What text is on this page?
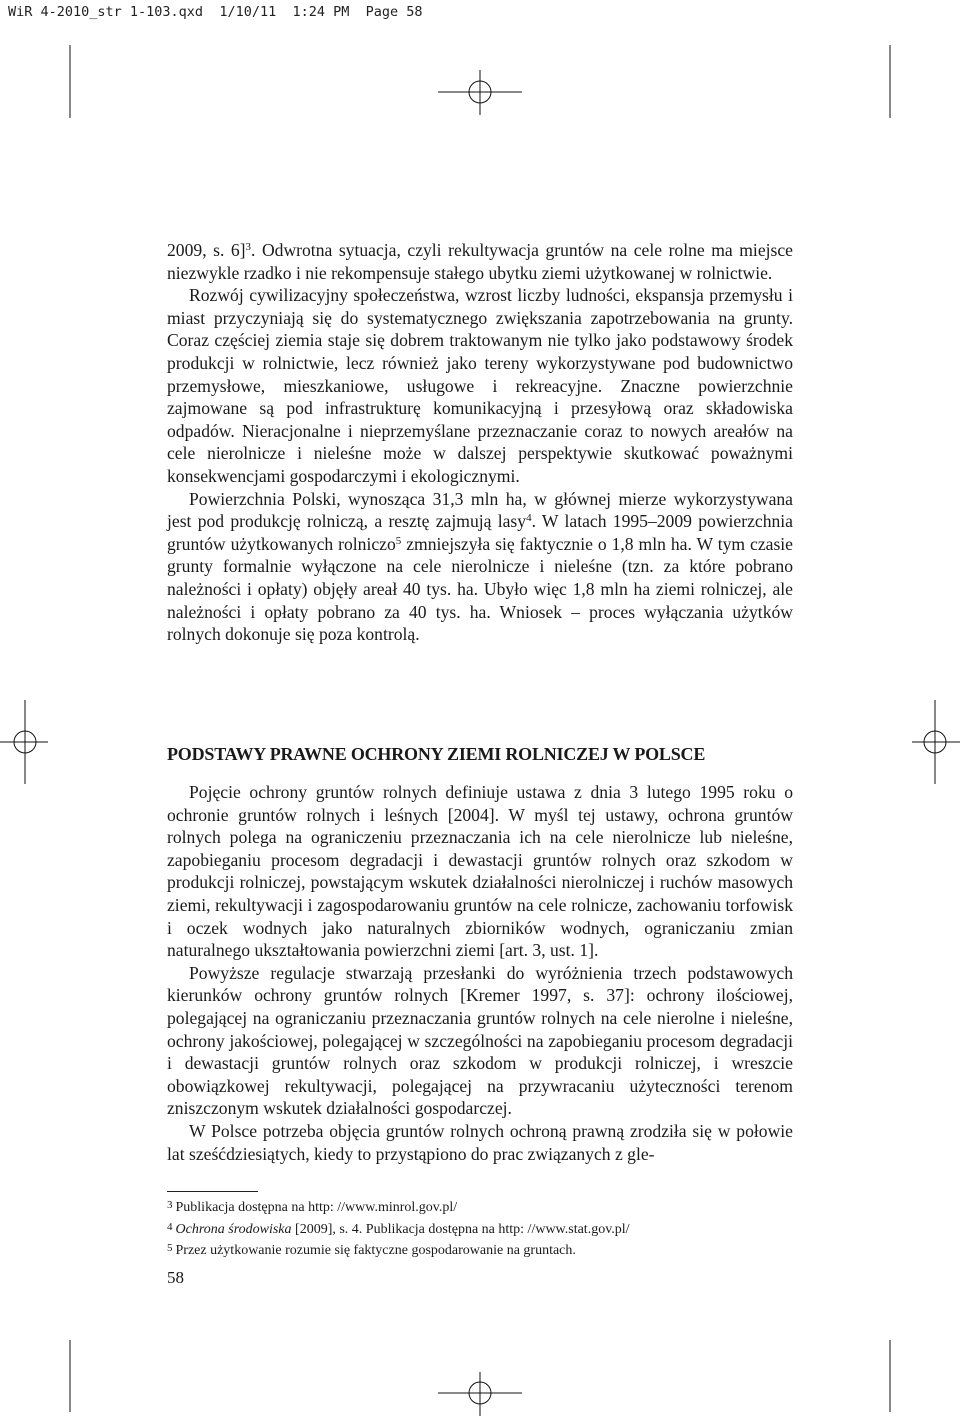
WiR 4-2010_str 1-103.qxd  1/10/11  1:24 PM  Page 58

2009, s. 6]$^3$. Odwrotna sytuacja, czyli rekultywacja gruntów na cele rolne ma miejsce niezwykle rzadko i nie rekompensuje stałego ubytku ziemi użytkowanej w rolnictwie.

Rozwój cywilizacyjny społeczeństwa, wzrost liczby ludności, ekspansja przemysłu i miast przyczyniają się do systematycznego zwiększania zapotrzebowania na grunty. Coraz częściej ziemia staje się dobrem traktowanym nie tylko jako podstawowy środek produkcji w rolnictwie, lecz również jako tereny wykorzystywane pod budownictwo przemysłowe, mieszkaniowe, usługowe i rekreacyjne. Znaczne powierzchnie zajmowane są pod infrastrukturę komunikacyjną i przesyłową oraz składowiska odpadów. Nieracjonalne i nieprzemyślane przeznaczanie coraz to nowych areałów na cele nierolnicze i nieleśne może w dalszej perspektywie skutkować poważnymi konsekwencjami gospodarczymi i ekologicznymi.

Powierzchnia Polski, wynosząca 31,3 mln ha, w głównej mierze wykorzystywana jest pod produkcję rolniczą, a resztę zajmują lasy$^4$. W latach 1995–2009 powierzchnia gruntów użytkowanych rolniczo$^5$ zmniejszyła się faktycznie o 1,8 mln ha. W tym czasie grunty formalnie wyłączone na cele nierolnicze i nieleśne (tzn. za które pobrano należności i opłaty) objęły areał 40 tys. ha. Ubyło więc 1,8 mln ha ziemi rolniczej, ale należności i opłaty pobrano za 40 tys. ha. Wniosek – proces wyłączania użytków rolnych dokonuje się poza kontrolą.

PODSTAWY PRAWNE OCHRONY ZIEMI ROLNICZEJ W POLSCE

Pojęcie ochrony gruntów rolnych definiuje ustawa z dnia 3 lutego 1995 roku o ochronie gruntów rolnych i leśnych [2004]. W myśl tej ustawy, ochrona gruntów rolnych polega na ograniczeniu przeznaczania ich na cele nierolnicze lub nieleśne, zapobieganiu procesom degradacji i dewastacji gruntów rolnych oraz szkodom w produkcji rolniczej, powstającym wskutek działalności nierolniczej i ruchów masowych ziemi, rekultywacji i zagospodarowaniu gruntów na cele rolnicze, zachowaniu torfowisk i oczek wodnych jako naturalnych zbiorników wodnych, ograniczaniu zmian naturalnego ukształtowania powierzchni ziemi [art. 3, ust. 1].

Powyższe regulacje stwarzają przesłanki do wyróżnienia trzech podstawowych kierunków ochrony gruntów rolnych [Kremer 1997, s. 37]: ochrony ilościowej, polegającej na ograniczaniu przeznaczania gruntów rolnych na cele nierolne i nieleśne, ochrony jakościowej, polegającej w szczególności na zapobieganiu procesom degradacji i dewastacji gruntów rolnych oraz szkodom w produkcji rolniczej, i wreszcie obowiązkowej rekultywacji, polegającej na przywracaniu użyteczności terenom zniszczonym wskutek działalności gospodarczej.

W Polsce potrzeba objęcia gruntów rolnych ochroną prawną zrodziła się w połowie lat sześćdziesiątych, kiedy to przystąpiono do prac związanych z gle-

$^3$ Publikacja dostępna na http: //www.minrol.gov.pl/
$^4$ Ochrona środowiska [2009], s. 4. Publikacja dostępna na http: //www.stat.gov.pl/
$^5$ Przez użytkowanie rozumie się faktyczne gospodarowanie na gruntach.
58
